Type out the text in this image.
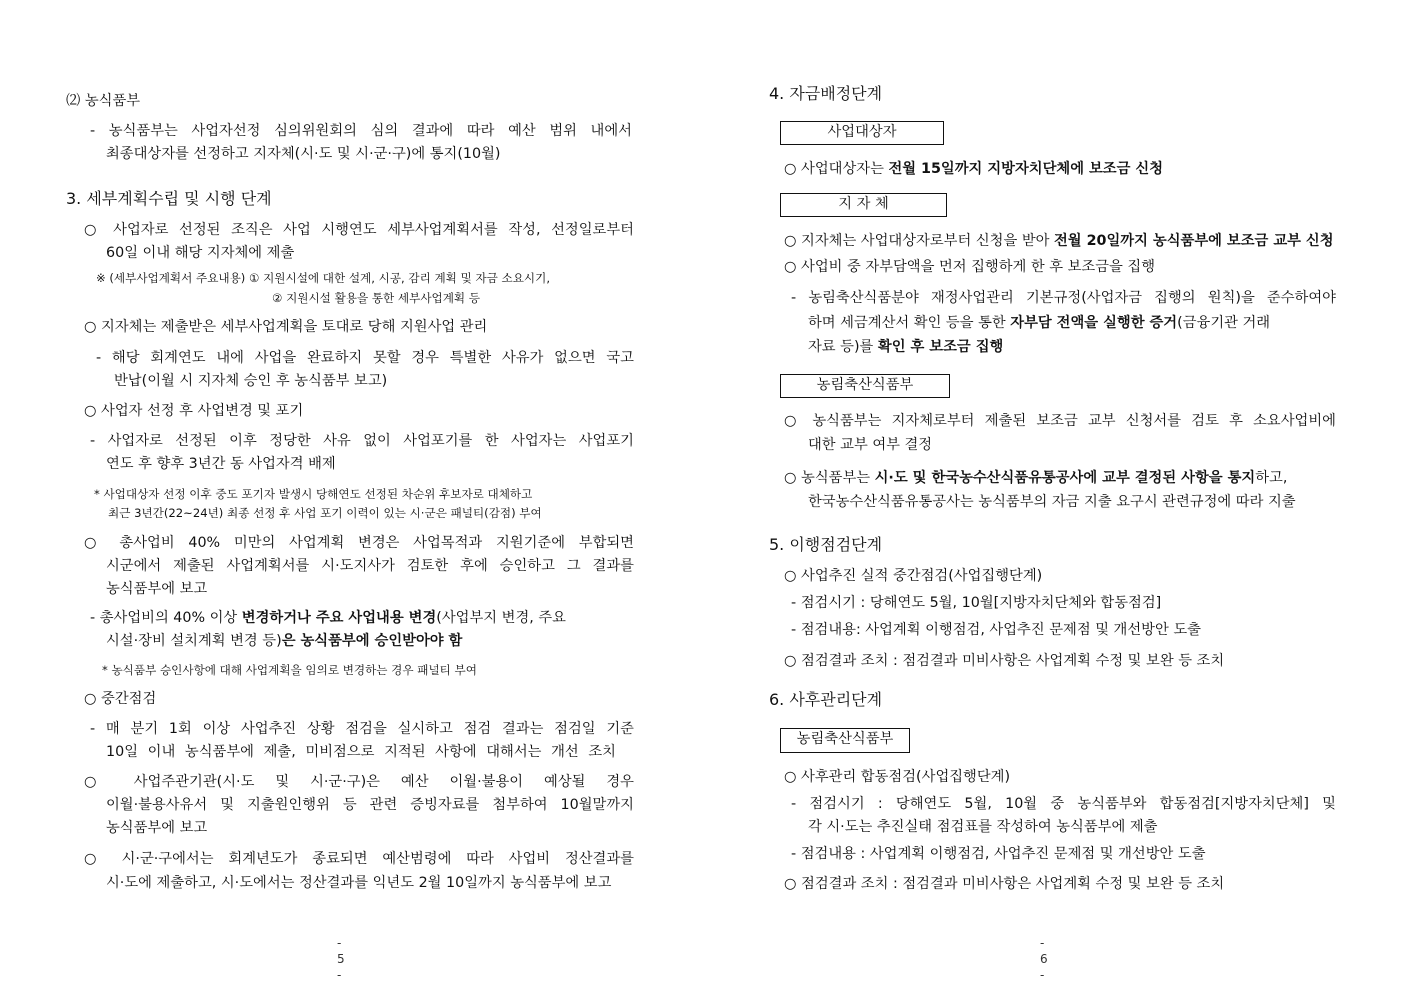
⑵ 농식품부
- 농식품부는 사업자선정 심의위원회의 심의 결과에 따라 예산 범위 내에서
최종대상자를 선정하고 지자체(시·도 및 시·군·구)에 통지(10월)
3. 세부계획수립 및 시행 단계
○ 사업자로 선정된 조직은 사업 시행연도 세부사업계획서를 작성, 선정일로부터
60일 이내 해당 지자체에 제출
※ (세부사업계획서 주요내용) ① 지원시설에 대한 설계, 시공, 감리 계획 및 자금 소요시기,
② 지원시설 활용을 통한 세부사업계획 등
○ 지자체는 제출받은 세부사업계획을 토대로 당해 지원사업 관리
- 해당 회계연도 내에 사업을 완료하지 못할 경우 특별한 사유가 없으면 국고
반납(이월 시 지자체 승인 후 농식품부 보고)
○ 사업자 선정 후 사업변경 및 포기
- 사업자로 선정된 이후 정당한 사유 없이 사업포기를 한 사업자는 사업포기
연도 후 향후 3년간 동 사업자격 배제
* 사업대상자 선정 이후 중도 포기자 발생시 당해연도 선정된 차순위 후보자로 대체하고
최근 3년간(22~24년) 최종 선정 후 사업 포기 이력이 있는 시·군은 패널티(감점) 부여
○ 총사업비 40% 미만의 사업계획 변경은 사업목적과 지원기준에 부합되면
시군에서 제출된 사업계획서를 시·도지사가 검토한 후에 승인하고 그 결과를
농식품부에 보고
- 총사업비의 40% 이상 변경하거나 주요 사업내용 변경(사업부지 변경, 주요
시설·장비 설치계획 변경 등)은 농식품부에 승인받아야 함
* 농식품부 승인사항에 대해 사업계획을 임의로 변경하는 경우 패널티 부여
○ 중간점검
- 매 분기 1회 이상 사업추진 상황 점검을 실시하고 점검 결과는 점검일 기준
10일 이내 농식품부에 제출, 미비점으로 지적된 사항에 대해서는 개선 조치
○ 사업주관기관(시·도 및 시·군·구)은 예산 이월·불용이 예상될 경우
이월·불용사유서 및 지출원인행위 등 관련 증빙자료를 첨부하여 10월말까지
농식품부에 보고
○ 시·군·구에서는 회계년도가 종료되면 예산범령에 따라 사업비 정산결과를
시·도에 제출하고, 시·도에서는 정산결과를 익년도 2월 10일까지 농식품부에 보고
- 5 -
4. 자금배정단계
사업대상자
○ 사업대상자는 전월 15일까지 지방자치단체에 보조금 신청
지 자 체
○ 지자체는 사업대상자로부터 신청을 받아 전월 20일까지 농식품부에 보조금 교부 신청
○ 사업비 중 자부담액을 먼저 집행하게 한 후 보조금을 집행
- 농림축산식품분야 재정사업관리 기본규정(사업자금 집행의 원칙)을 준수하여야
하며 세금계산서 확인 등을 통한 자부담 전액을 실행한 증거(금융기관 거래
자료 등)를 확인 후 보조금 집행
농림축산식품부
○ 농식품부는 지자체로부터 제출된 보조금 교부 신청서를 검토 후 소요사업비에
대한 교부 여부 결정
○ 농식품부는 시·도 및 한국농수산식품유통공사에 교부 결정된 사항을 통지하고,
한국농수산식품유통공사는 농식품부의 자금 지출 요구시 관련규정에 따라 지출
5. 이행점검단계
○ 사업추진 실적 중간점검(사업집행단계)
- 점검시기 : 당해연도 5월, 10월[지방자치단체와 합동점검]
- 점검내용: 사업계획 이행점검, 사업추진 문제점 및 개선방안 도출
○ 점검결과 조치 : 점검결과 미비사항은 사업계획 수정 및 보완 등 조치
6. 사후관리단계
농림축산식품부
○ 사후관리 합동점검(사업집행단계)
- 점검시기 : 당해연도 5월, 10월 중 농식품부와 합동점검[지방자치단체] 및
각 시·도는 추진실태 점검표를 작성하여 농식품부에 제출
- 점검내용 : 사업계획 이행점검, 사업추진 문제점 및 개선방안 도출
○ 점검결과 조치 : 점검결과 미비사항은 사업계획 수정 및 보완 등 조치
- 6 -
